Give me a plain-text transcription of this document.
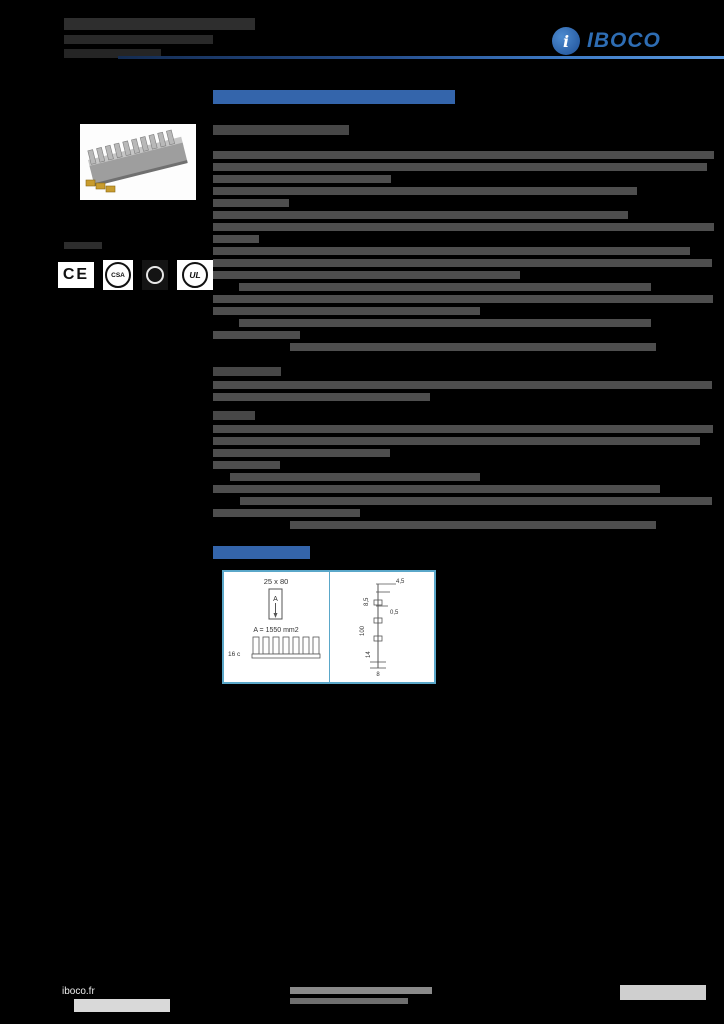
i IBOCO
CE	CSA	UL
25 x 80
A
A = 1550 mm2
16 c
4,5
8,5
0,5
100
14
8
iboco.fr
